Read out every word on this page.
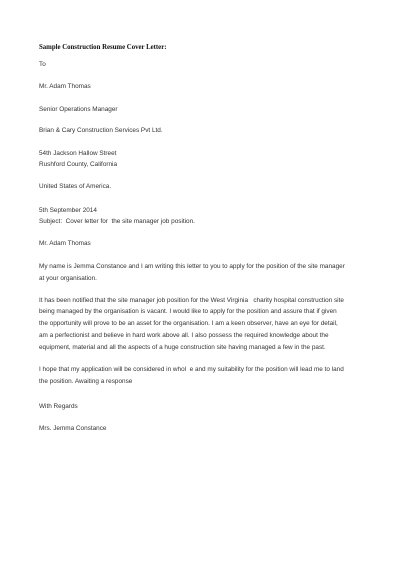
Sample Construction Resume Cover Letter:
To
Mr. Adam Thomas
Senior Operations Manager
Brian & Cary Construction Services Pvt Ltd.
54th Jackson Hallow Street
Rushford County, California
United States of America.
5th September 2014
Subject:  Cover letter for  the site manager job position.
Mr. Adam Thomas
My name is Jemma Constance and I am writing this letter to you to apply for the position of the site manager
at your organisation.
It has been notified that the site manager job position for the West Virginia   charity hospital construction site
being managed by the organisation is vacant. I would like to apply for the position and assure that if given
the opportunity will prove to be an asset for the organisation. I am a keen observer, have an eye for detail,
am a perfectionist and believe in hard work above all. I also possess the required knowledge about the
equipment, material and all the aspects of a huge construction site having managed a few in the past.
I hope that my application will be considered in whol  e and my suitability for the position will lead me to land
the position. Awaiting a response
With Regards
Mrs. Jemma Constance
